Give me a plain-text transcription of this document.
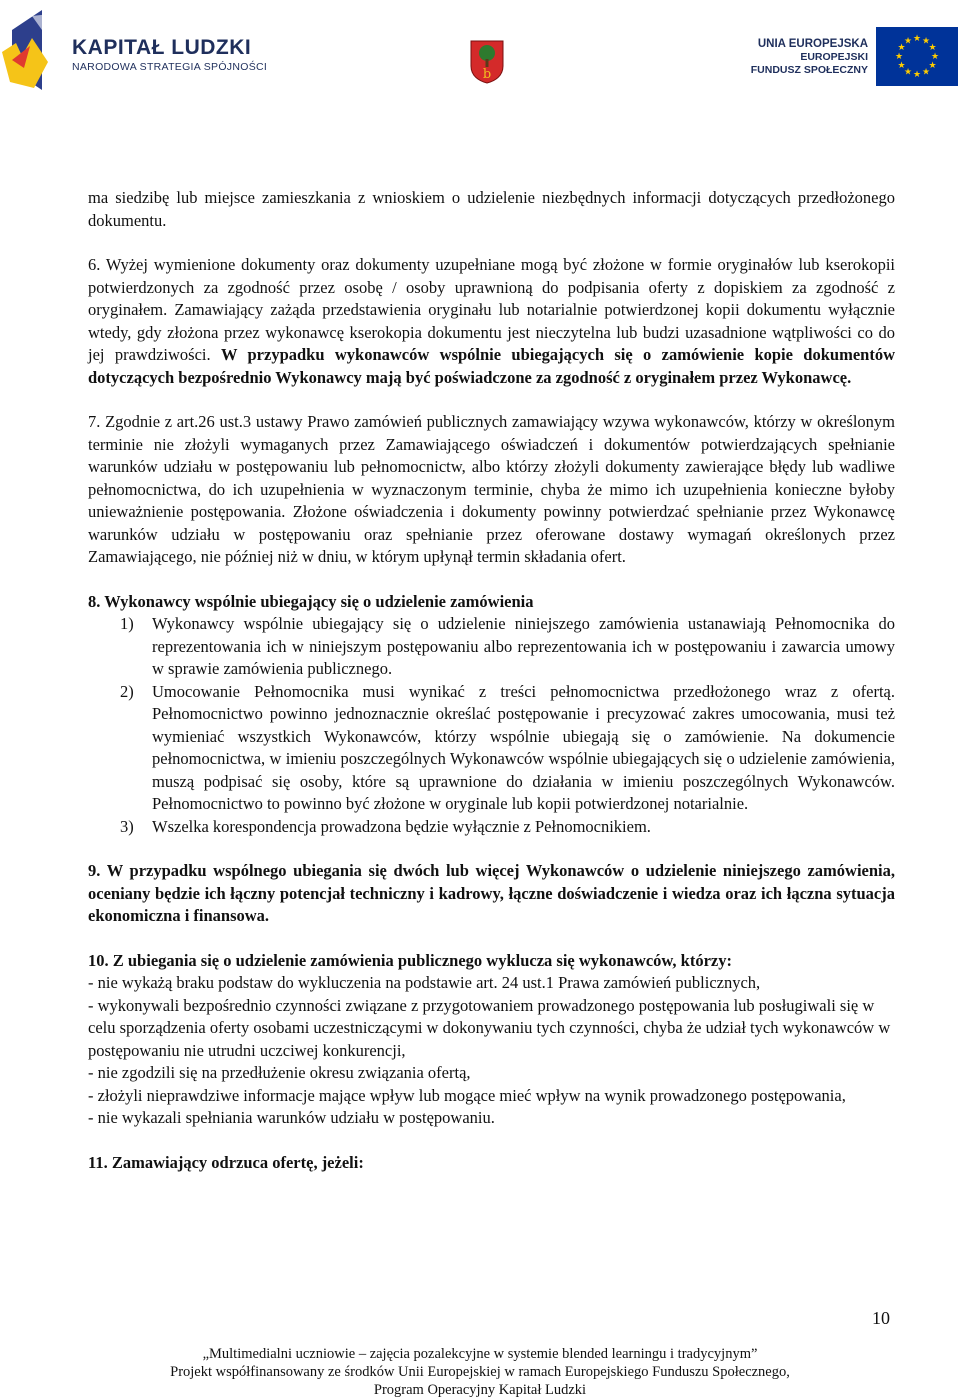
KAPITAŁ LUDZKI
NARODOWA STRATEGIA SPÓJNOŚCI	b
UNIA EUROPEJSKA
EUROPEJSKI
FUNDUSZ SPOŁECZNY
★ ★
★
★
★
★
★
★
★
★
★
★

ma siedzibę lub miejsce zamieszkania z wnioskiem o udzielenie niezbędnych informacji dotyczących przedłożonego dokumentu.

6. Wyżej wymienione dokumenty oraz dokumenty uzupełniane mogą być złożone w formie oryginałów lub kserokopii potwierdzonych za zgodność przez osobę / osoby uprawnioną do podpisania oferty z dopiskiem za zgodność z oryginałem. Zamawiający zażąda przedstawienia oryginału lub notarialnie potwierdzonej kopii dokumentu wyłącznie wtedy, gdy złożona przez wykonawcę kserokopia dokumentu jest nieczytelna lub budzi uzasadnione wątpliwości co do jej prawdziwości. W przypadku wykonawców wspólnie ubiegających się o zamówienie kopie dokumentów dotyczących bezpośrednio Wykonawcy mają być poświadczone za zgodność z oryginałem przez Wykonawcę.

7. Zgodnie z art.26 ust.3 ustawy Prawo zamówień publicznych zamawiający wzywa wykonawców, którzy w określonym terminie nie złożyli wymaganych przez Zamawiającego oświadczeń i dokumentów potwierdzających spełnianie warunków udziału w postępowaniu lub pełnomocnictw, albo którzy złożyli dokumenty zawierające błędy lub wadliwe pełnomocnictwa, do ich uzupełnienia w wyznaczonym terminie, chyba że mimo ich uzupełnienia konieczne byłoby unieważnienie postępowania. Złożone oświadczenia i dokumenty powinny potwierdzać spełnianie przez Wykonawcę warunków udziału w postępowaniu oraz spełnianie przez oferowane dostawy wymagań określonych przez Zamawiającego, nie później niż w dniu, w którym upłynął termin składania ofert.

8. Wykonawcy wspólnie ubiegający się o udzielenie zamówienia

1) Wykonawcy wspólnie ubiegający się o udzielenie niniejszego zamówienia ustanawiają Pełnomocnika do reprezentowania ich w niniejszym postępowaniu albo reprezentowania ich w postępowaniu i zawarcia umowy w sprawie zamówienia publicznego.
2) Umocowanie Pełnomocnika musi wynikać z treści pełnomocnictwa przedłożonego wraz z ofertą. Pełnomocnictwo powinno jednoznacznie określać postępowanie i precyzować zakres umocowania, musi też wymieniać wszystkich Wykonawców, którzy wspólnie ubiegają się o zamówienie. Na dokumencie pełnomocnictwa, w imieniu poszczególnych Wykonawców wspólnie ubiegających się o udzielenie zamówienia, muszą podpisać się osoby, które są uprawnione do działania w imieniu poszczególnych Wykonawców. Pełnomocnictwo to powinno być złożone w oryginale lub kopii potwierdzonej notarialnie.
3) Wszelka korespondencja prowadzona będzie wyłącznie z Pełnomocnikiem.

9. W przypadku wspólnego ubiegania się dwóch lub więcej Wykonawców o udzielenie niniejszego zamówienia, oceniany będzie ich łączny potencjał techniczny i kadrowy, łączne doświadczenie i wiedza oraz ich łączna sytuacja ekonomiczna i finansowa.

10. Z ubiegania się o udzielenie zamówienia publicznego wyklucza się wykonawców, którzy:

- nie wykażą braku podstaw do wykluczenia na podstawie art. 24 ust.1 Prawa zamówień publicznych,

- wykonywali bezpośrednio czynności związane z przygotowaniem prowadzonego postępowania lub posługiwali się w celu sporządzenia oferty osobami uczestniczącymi w dokonywaniu tych czynności, chyba że udział tych wykonawców w postępowaniu nie utrudni uczciwej konkurencji,

- nie zgodzili się na przedłużenie okresu związania ofertą,

- złożyli nieprawdziwe informacje mające wpływ lub mogące mieć wpływ na wynik prowadzonego postępowania,

- nie wykazali spełniania warunków udziału w postępowaniu.

11. Zamawiający odrzuca ofertę, jeżeli:

10
„Multimedialni uczniowie – zajęcia pozalekcyjne w systemie blended learningu i tradycyjnym”
Projekt współfinansowany ze środków Unii Europejskiej w ramach Europejskiego Funduszu Społecznego,
Program Operacyjny Kapitał Ludzki
